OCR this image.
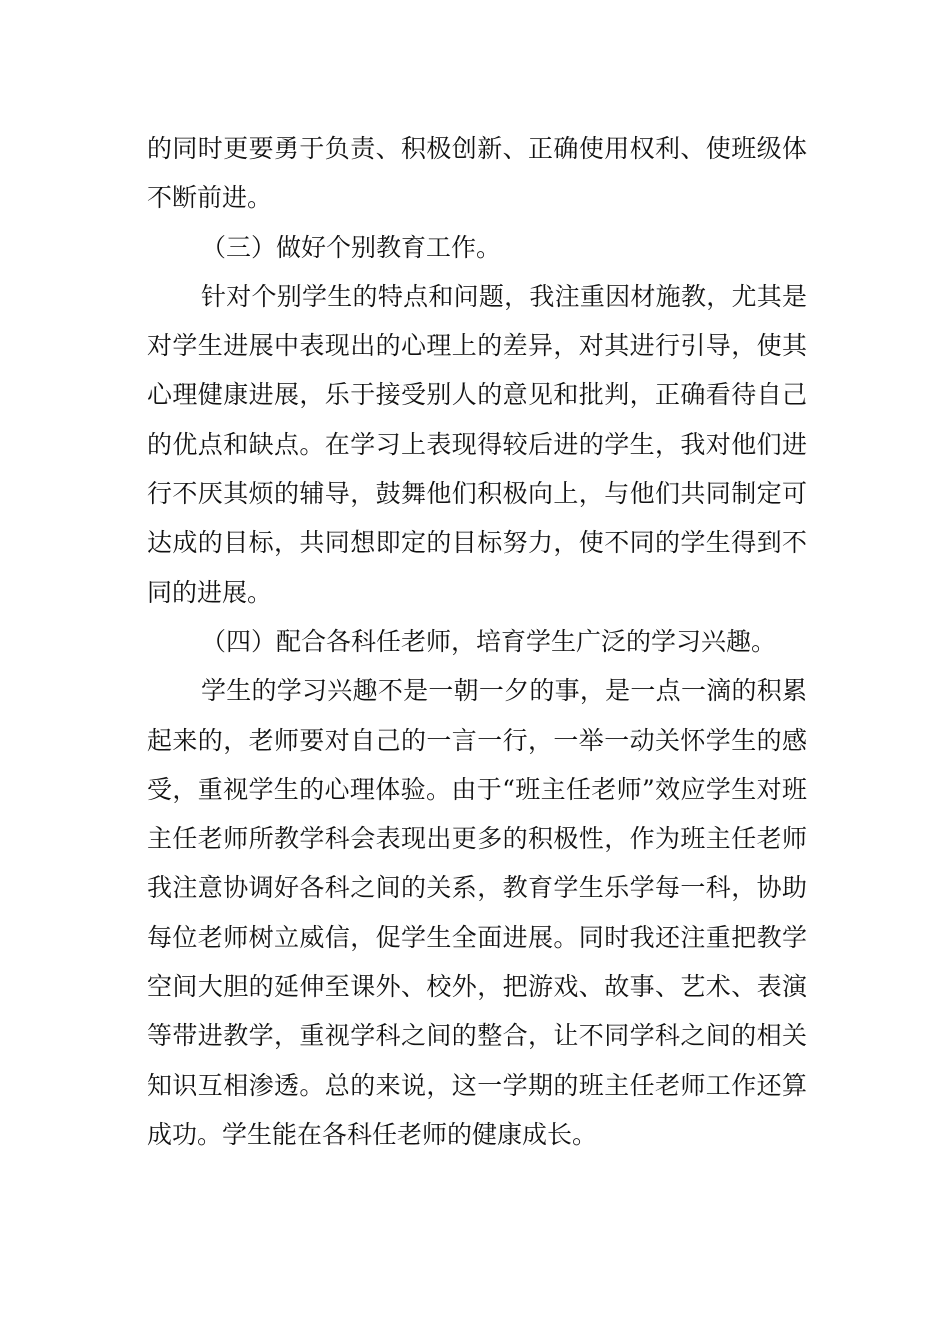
的同时更要勇于负责、积极创新、正确使用权利、使班级体不断前进。

（三）做好个别教育工作。

针对个别学生的特点和问题，我注重因材施教，尤其是对学生进展中表现出的心理上的差异，对其进行引导，使其心理健康进展，乐于接受别人的意见和批判，正确看待自己的优点和缺点。在学习上表现得较后进的学生，我对他们进行不厌其烦的辅导，鼓舞他们积极向上，与他们共同制定可达成的目标，共同想即定的目标努力，使不同的学生得到不同的进展。

（四）配合各科任老师，培育学生广泛的学习兴趣。

学生的学习兴趣不是一朝一夕的事，是一点一滴的积累起来的，老师要对自己的一言一行，一举一动关怀学生的感受，重视学生的心理体验。由于“班主任老师”效应学生对班主任老师所教学科会表现出更多的积极性，作为班主任老师我注意协调好各科之间的关系，教育学生乐学每一科，协助每位老师树立威信，促学生全面进展。同时我还注重把教学空间大胆的延伸至课外、校外，把游戏、故事、艺术、表演等带进教学，重视学科之间的整合，让不同学科之间的相关知识互相渗透。总的来说，这一学期的班主任老师工作还算成功。学生能在各科任老师的健康成长。
